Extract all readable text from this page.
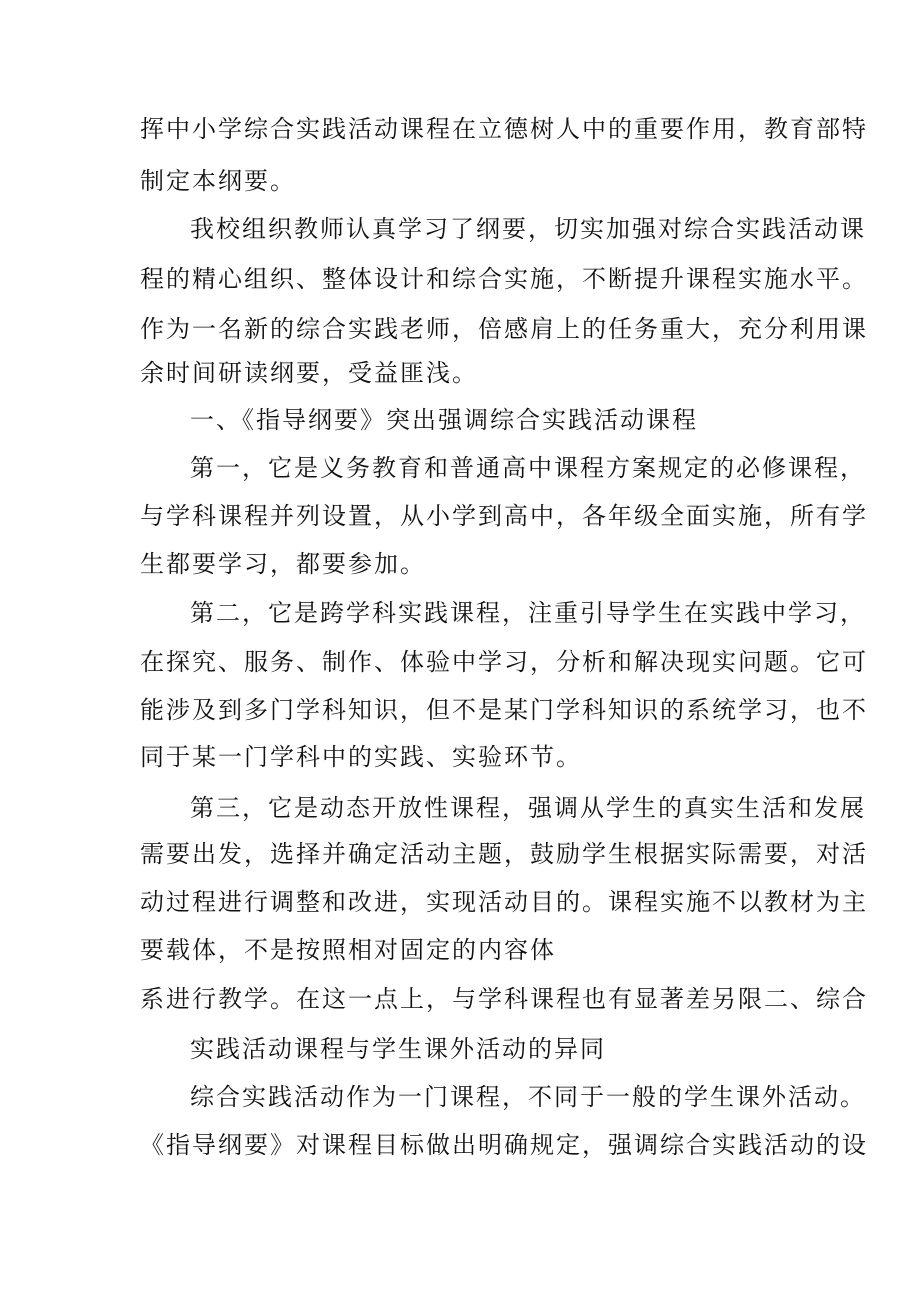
挥中小学综合实践活动课程在立德树人中的重要作用，教育部特
制定本纲要。
我校组织教师认真学习了纲要，切实加强对综合实践活动课
程的精心组织、整体设计和综合实施，不断提升课程实施水平。
作为一名新的综合实践老师，倍感肩上的任务重大，充分利用课
余时间研读纲要，受益匪浅。
一、《指导纲要》突出强调综合实践活动课程
第一，它是义务教育和普通高中课程方案规定的必修课程，
与学科课程并列设置，从小学到高中，各年级全面实施，所有学
生都要学习，都要参加。
第二，它是跨学科实践课程，注重引导学生在实践中学习，
在探究、服务、制作、体验中学习，分析和解决现实问题。它可
能涉及到多门学科知识，但不是某门学科知识的系统学习，也不
同于某一门学科中的实践、实验环节。
第三，它是动态开放性课程，强调从学生的真实生活和发展
需要出发，选择并确定活动主题，鼓励学生根据实际需要，对活
动过程进行调整和改进，实现活动目的。课程实施不以教材为主
要载体，不是按照相对固定的内容体
系进行教学。在这一点上，与学科课程也有显著差另限二、综合
实践活动课程与学生课外活动的异同
综合实践活动作为一门课程，不同于一般的学生课外活动。
《指导纲要》对课程目标做出明确规定，强调综合实践活动的设
